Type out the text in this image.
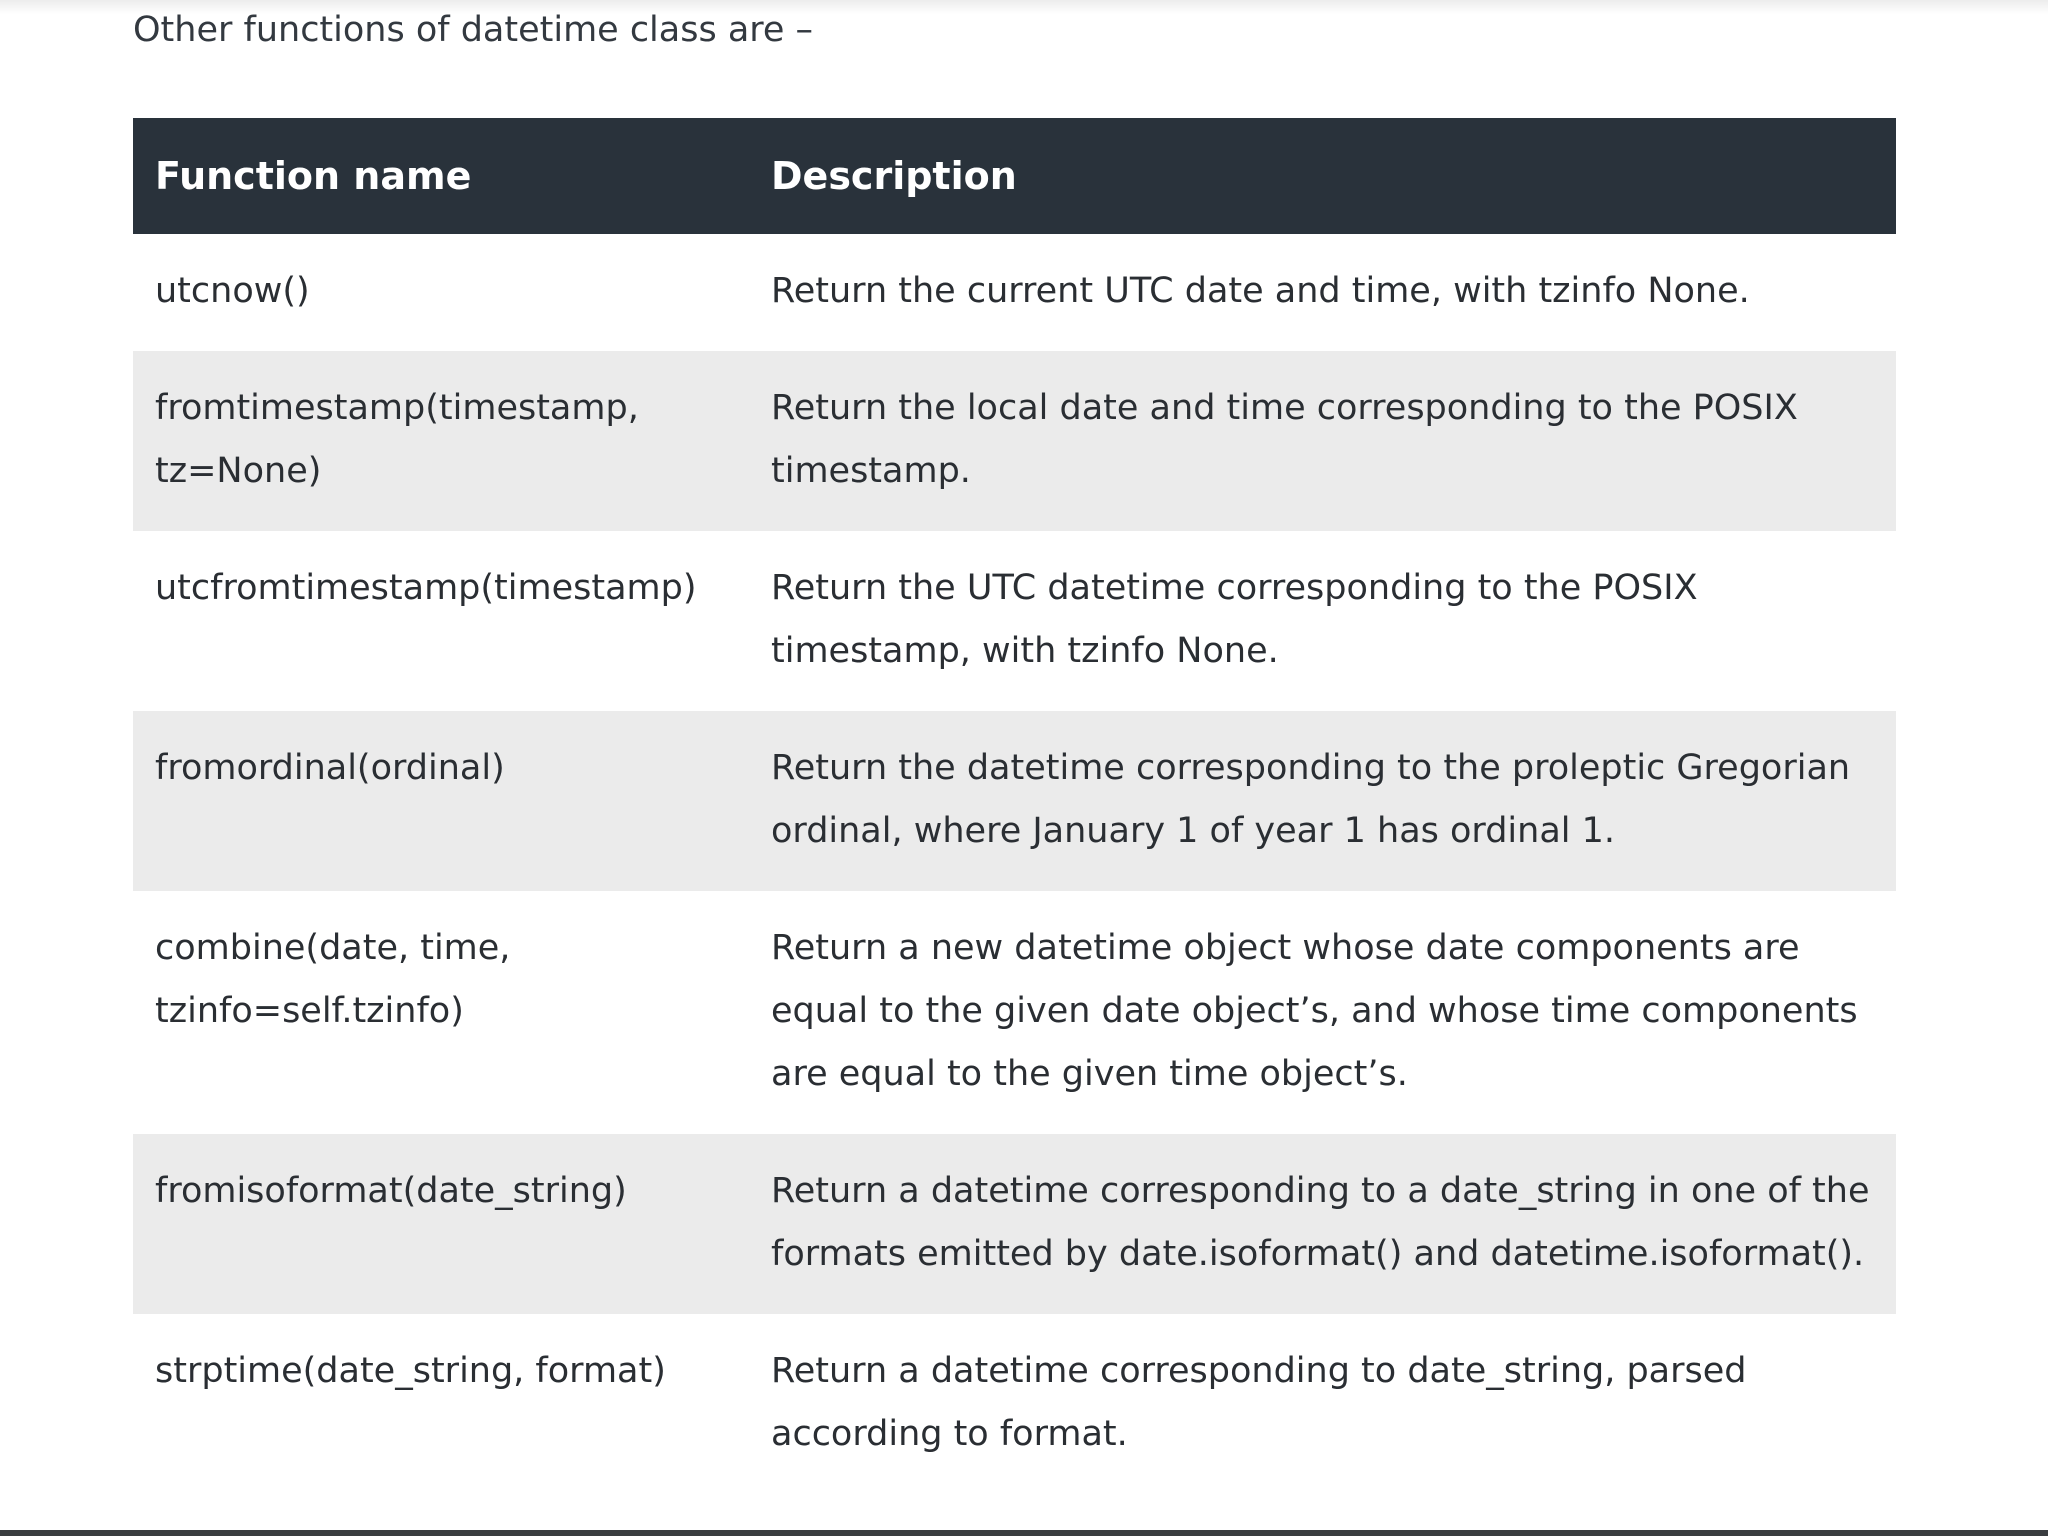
Other functions of datetime class are –

Function name	Description
utcnow()	Return the current UTC date and time, with tzinfo None.
fromtimestamp(timestamp, tz=None)	Return the local date and time corresponding to the POSIX timestamp.
utcfromtimestamp(timestamp)	Return the UTC datetime corresponding to the POSIX timestamp, with tzinfo None.
fromordinal(ordinal)	Return the datetime corresponding to the proleptic Gregorian ordinal, where January 1 of year 1 has ordinal 1.
combine(date, time, tzinfo=self.tzinfo)	Return a new datetime object whose date components are equal to the given date object’s, and whose time components are equal to the given time object’s.
fromisoformat(date_string)	Return a datetime corresponding to a date_string in one of the formats emitted by date.isoformat() and datetime.isoformat().
strptime(date_string, format)	Return a datetime corresponding to date_string, parsed according to format.
